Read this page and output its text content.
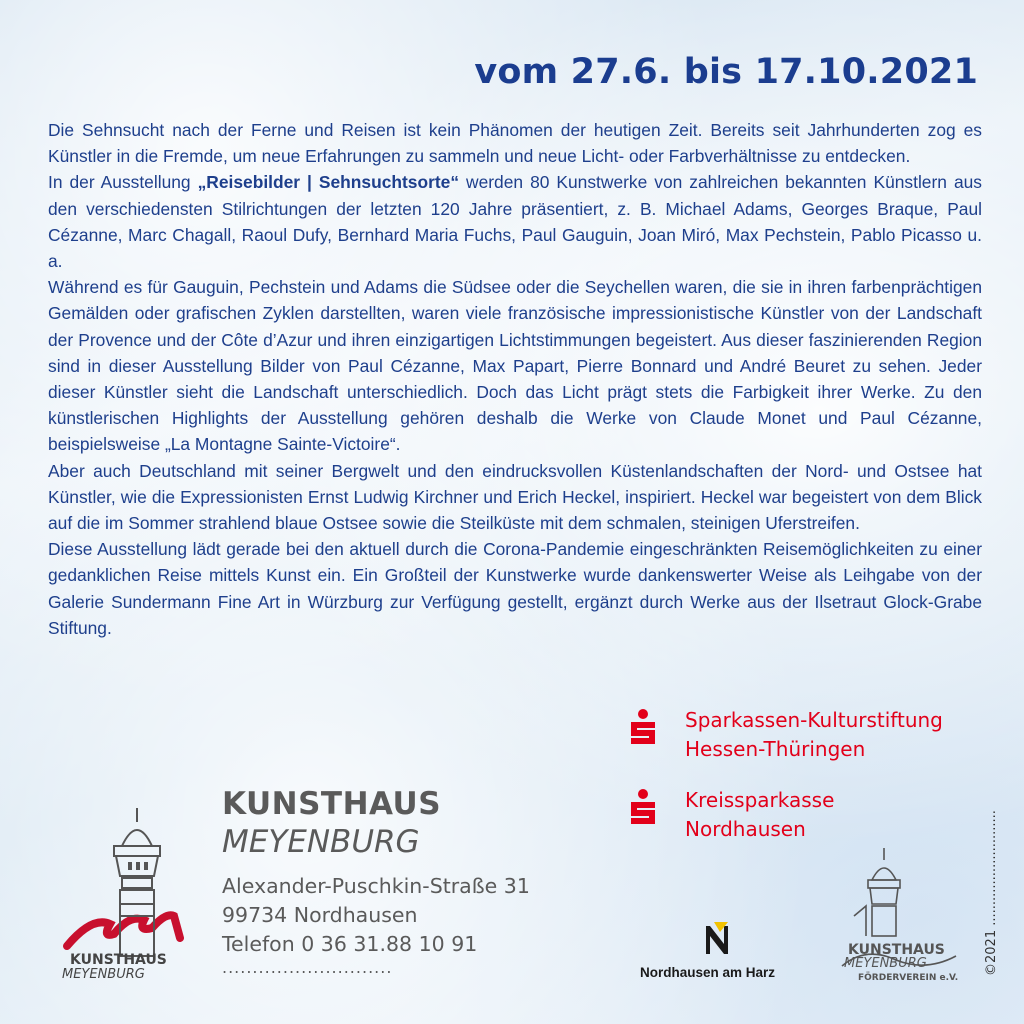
vom 27.6. bis 17.10.2021

Die Sehnsucht nach der Ferne und Reisen ist kein Phänomen der heutigen Zeit. Bereits seit Jahrhunderten zog es Künstler in die Fremde, um neue Erfahrungen zu sammeln und neue Licht- oder Farbverhältnisse zu entdecken.

In der Ausstellung „Reisebilder | Sehnsuchtsorte“ werden 80 Kunstwerke von zahlreichen bekannten Künstlern aus den verschiedensten Stilrichtungen der letzten 120 Jahre präsentiert, z. B. Michael Adams, Georges Braque, Paul Cézanne, Marc Chagall, Raoul Dufy, Bernhard Maria Fuchs, Paul Gauguin, Joan Miró, Max Pechstein, Pablo Picasso u. a.

Während es für Gauguin, Pechstein und Adams die Südsee oder die Seychellen waren, die sie in ihren farbenprächtigen Gemälden oder grafischen Zyklen darstellten, waren viele französische impressionistische Künstler von der Landschaft der Provence und der Côte d’Azur und ihren einzigartigen Lichtstimmungen begeistert. Aus dieser faszinierenden Region sind in dieser Ausstellung Bilder von Paul Cézanne, Max Papart, Pierre Bonnard und André Beuret zu sehen. Jeder dieser Künstler sieht die Landschaft unterschiedlich. Doch das Licht prägt stets die Farbigkeit ihrer Werke. Zu den künstlerischen Highlights der Ausstellung gehören deshalb die Werke von Claude Monet und Paul Cézanne, beispielsweise „La Montagne Sainte-Victoire“.

Aber auch Deutschland mit seiner Bergwelt und den eindrucksvollen Küstenlandschaften der Nord- und Ostsee hat Künstler, wie die Expressionisten Ernst Ludwig Kirchner und Erich Heckel, inspiriert. Heckel war begeistert von dem Blick auf die im Sommer strahlend blaue Ostsee sowie die Steilküste mit dem schmalen, steinigen Uferstreifen.

Diese Ausstellung lädt gerade bei den aktuell durch die Corona-Pandemie eingeschränkten Reisemöglichkeiten zu einer gedanklichen Reise mittels Kunst ein. Ein Großteil der Kunstwerke wurde dankenswerter Weise als Leihgabe von der Galerie Sundermann Fine Art in Würzburg zur Verfügung gestellt, ergänzt durch Werke aus der Ilsetraut Glock-Grabe Stiftung.

Sparkassen-Kulturstiftung
Hessen-Thüringen
Kreissparkasse
Nordhausen
KUNSTHAUS
MEYENBURG
KUNSTHAUS
MEYENBURG
Alexander-Puschkin-Straße 31
99734 Nordhausen
Telefon 0 36 31.88 10 91
............................	Nordhausen am Harz
KUNSTHAUS
MEYENBURG
FÖRDERVEREIN e.V.
©2021 ............................
